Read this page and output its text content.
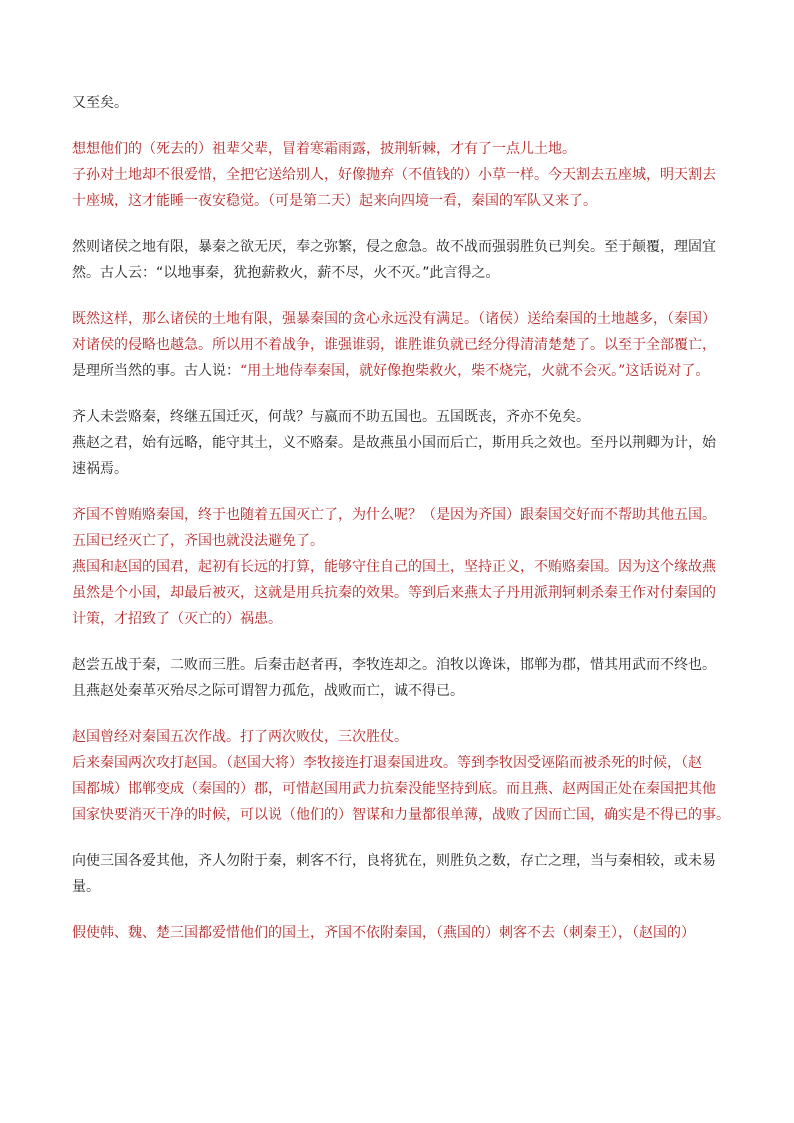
又至矣。
想想他们的（死去的）祖辈父辈，冒着寒霜雨露，披荆斩棘，才有了一点儿土地。
子孙对土地却不很爱惜，全把它送给别人，好像抛弃（不值钱的）小草一样。今天割去五座城，明天割去
十座城，这才能睡一夜安稳觉。（可是第二天）起来向四境一看，秦国的军队又来了。
然则诸侯之地有限，暴秦之欲无厌，奉之弥繁，侵之愈急。故不战而强弱胜负已判矣。至于颠覆，理固宜
然。古人云：“以地事秦，犹抱薪救火，薪不尽，火不灭。”此言得之。
既然这样，那么诸侯的土地有限，强暴秦国的贪心永远没有满足。（诸侯）送给秦国的土地越多，（秦国）
对诸侯的侵略也越急。所以用不着战争，谁强谁弱，谁胜谁负就已经分得清清楚楚了。以至于全部覆亡，
是理所当然的事。古人说：“用土地侍奉秦国，就好像抱柴救火，柴不烧完，火就不会灭。”这话说对了。
齐人未尝赂秦，终继五国迁灭，何哉？与嬴而不助五国也。五国既丧，齐亦不免矣。
燕赵之君，始有远略，能守其土，义不赂秦。是故燕虽小国而后亡，斯用兵之效也。至丹以荆卿为计，始
速祸焉。
齐国不曾贿赂秦国，终于也随着五国灭亡了，为什么呢？（是因为齐国）跟秦国交好而不帮助其他五国。
五国已经灭亡了，齐国也就没法避免了。
燕国和赵国的国君，起初有长远的打算，能够守住自己的国土，坚持正义，不贿赂秦国。因为这个缘故燕
虽然是个小国，却最后被灭，这就是用兵抗秦的效果。等到后来燕太子丹用派荆轲刺杀秦王作对付秦国的
计策，才招致了（灭亡的）祸患。
赵尝五战于秦，二败而三胜。后秦击赵者再，李牧连却之。洎牧以谗诛，邯郸为郡，惜其用武而不终也。
且燕赵处秦革灭殆尽之际可谓智力孤危，战败而亡，诚不得已。
赵国曾经对秦国五次作战。打了两次败仗，三次胜仗。
后来秦国两次攻打赵国。（赵国大将）李牧接连打退秦国进攻。等到李牧因受诬陷而被杀死的时候，（赵
国都城）邯郸变成（秦国的）郡，可惜赵国用武力抗秦没能坚持到底。而且燕、赵两国正处在秦国把其他
国家快要消灭干净的时候，可以说（他们的）智谋和力量都很单薄，战败了因而亡国，确实是不得已的事。
向使三国各爱其他，齐人勿附于秦，刺客不行，良将犹在，则胜负之数，存亡之理，当与秦相较，或未易
量。
假使韩、魏、楚三国都爱惜他们的国土，齐国不依附秦国，（燕国的）刺客不去（刺秦王），（赵国的）
